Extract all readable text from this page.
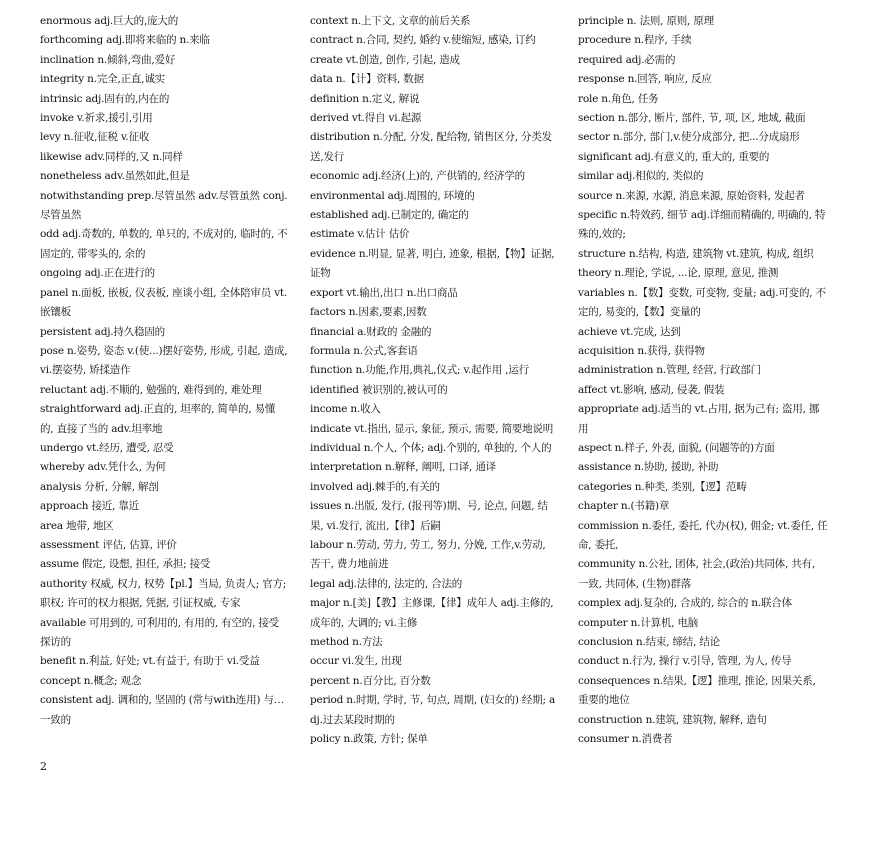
enormous adj.巨大的,庞大的

forthcoming adj.即将来临的 n.来临

inclination n.倾斜,弯曲,爱好

integrity n.完全,正直,诚实

intrinsic adj.固有的,内在的

invoke v.祈求,援引,引用

levy n.征收,征税 v.征收

likewise adv.同样的,又 n.同样

nonetheless adv.虽然如此,但是

notwithstanding prep.尽管虽然 adv.尽管虽然 conj.尽管虽然

odd adj.奇数的, 单数的, 单只的, 不成对的, 临时的, 不固定的, 带零头的, 余的

ongoing adj.正在进行的

panel n.面板, 嵌板, 仪表板, 座谈小组, 全体陪审员 vt.嵌镶板

persistent adj.持久稳固的

pose n.姿势, 姿态 v.(使...)摆好姿势, 形成, 引起, 造成, vi.摆姿势, 矫揉造作

reluctant adj.不顺的, 勉强的, 难得到的, 难处理

straightforward adj.正直的, 坦率的, 简单的, 易懂的, 直接了当的 adv.坦率地

undergo vt.经历, 遭受, 忍受

whereby adv.凭什么, 为何

analysis 分析, 分解, 解剖

approach 接近, 靠近

area 地带, 地区

assessment 评估, 估算, 评价

assume 假定, 设想, 担任, 承担; 接受

authority 权威, 权力, 权势【pl.】当局, 负责人; 官方; 职权; 许可的权力根据, 凭据, 引证权威, 专家

available 可用到的, 可利用的, 有用的, 有空的, 接受探访的

benefit n.利益, 好处; vt.有益于, 有助于 vi.受益

concept n.概念; 观念

consistent adj. 调和的, 坚固的 (常与with连用) 与…一致的

context n.上下文, 文章的前后关系

contract n.合同, 契约, 婚约 v.使缩短, 感染, 订约

create vt.创造, 创作, 引起, 造成

data n.【计】资料, 数据

definition n.定义, 解说

derived vt.得自 vi.起源

distribution n.分配, 分发, 配给物, 销售区分, 分类发送,发行

economic adj.经济(上)的, 产供销的, 经济学的

environmental adj.周围的, 环境的

established adj.已制定的, 确定的

estimate v.估计 估价

evidence n.明显, 显著, 明白, 迹象, 根据,【物】证据, 证物

export vt.输出,出口 n.出口商品

factors n.因素,要素,因数

financial a.财政的 金融的

formula n.公式,客套语

function n.功能,作用,典礼,仪式; v.起作用 ,运行

identified 被识别的,被认可的

income n.收入

indicate vt.指出, 显示, 象征, 预示, 需要, 简要地说明

individual n.个人, 个体; adj.个别的, 单独的, 个人的

interpretation n.解释, 阐明, 口译, 通译

involved adj.棘手的,有关的

issues n.出版, 发行, (报刊等)期、号, 论点, 问题, 结果, vi.发行, 流出,【律】后嗣

labour n.劳动, 劳力, 劳工, 努力, 分娩, 工作,v.劳动, 苦干, 费力地前进

legal adj.法律的, 法定的, 合法的

major n.[美]【教】主修课,【律】成年人 adj.主修的, 成年的, 大调的; vi.主修

method n.方法

occur vi.发生, 出现

percent n.百分比, 百分数

period n.时期, 学时, 节, 句点, 周期, (妇女的) 经期; adj.过去某段时期的

policy n.政策, 方针; 保单

principle n. 法则, 原则, 原理

procedure n.程序, 手续

required adj.必需的

response n.回答, 响应, 反应

role n.角色, 任务

section n.部分, 断片, 部件, 节, 项, 区, 地域, 截面

sector n.部分, 部门,v.使分成部分, 把...分成扇形

significant adj.有意义的, 重大的, 重要的

similar adj.相似的, 类似的

source n.来源, 水源, 消息来源, 原始资料, 发起者

specific n.特效药, 细节 adj.详细而精确的, 明确的, 特殊的,效的;

structure n.结构, 构造, 建筑物 vt.建筑, 构成, 组织

theory n.理论, 学说, ...论, 原理, 意见, 推测

variables n.【数】变数, 可变物, 变量; adj.可变的, 不定的, 易变的,【数】变量的

achieve vt.完成, 达到

acquisition n.获得, 获得物

administration n.管理, 经营, 行政部门

affect vt.影响, 感动, 侵袭, 假装

appropriate adj.适当的 vt.占用, 据为己有; 盗用, 挪用

aspect n.样子, 外表, 面貌, (问题等的)方面

assistance n.协助, 援助, 补助

categories n.种类, 类别,【逻】范畴

chapter n.(书籍)章

commission n.委任, 委托, 代办(权), 佣金; vt.委任, 任命, 委托,

community n.公社, 团体, 社会,(政治)共同体, 共有, 一致, 共同体, (生物)群落

complex adj.复杂的, 合成的, 综合的 n.联合体

computer n.计算机, 电脑

conclusion n.结束, 缔结, 结论

conduct n.行为, 操行 v.引导, 管理, 为人, 传导

consequences n.结果,【逻】推理, 推论, 因果关系, 重要的地位

construction n.建筑, 建筑物, 解释, 造句

consumer n.消费者

2
